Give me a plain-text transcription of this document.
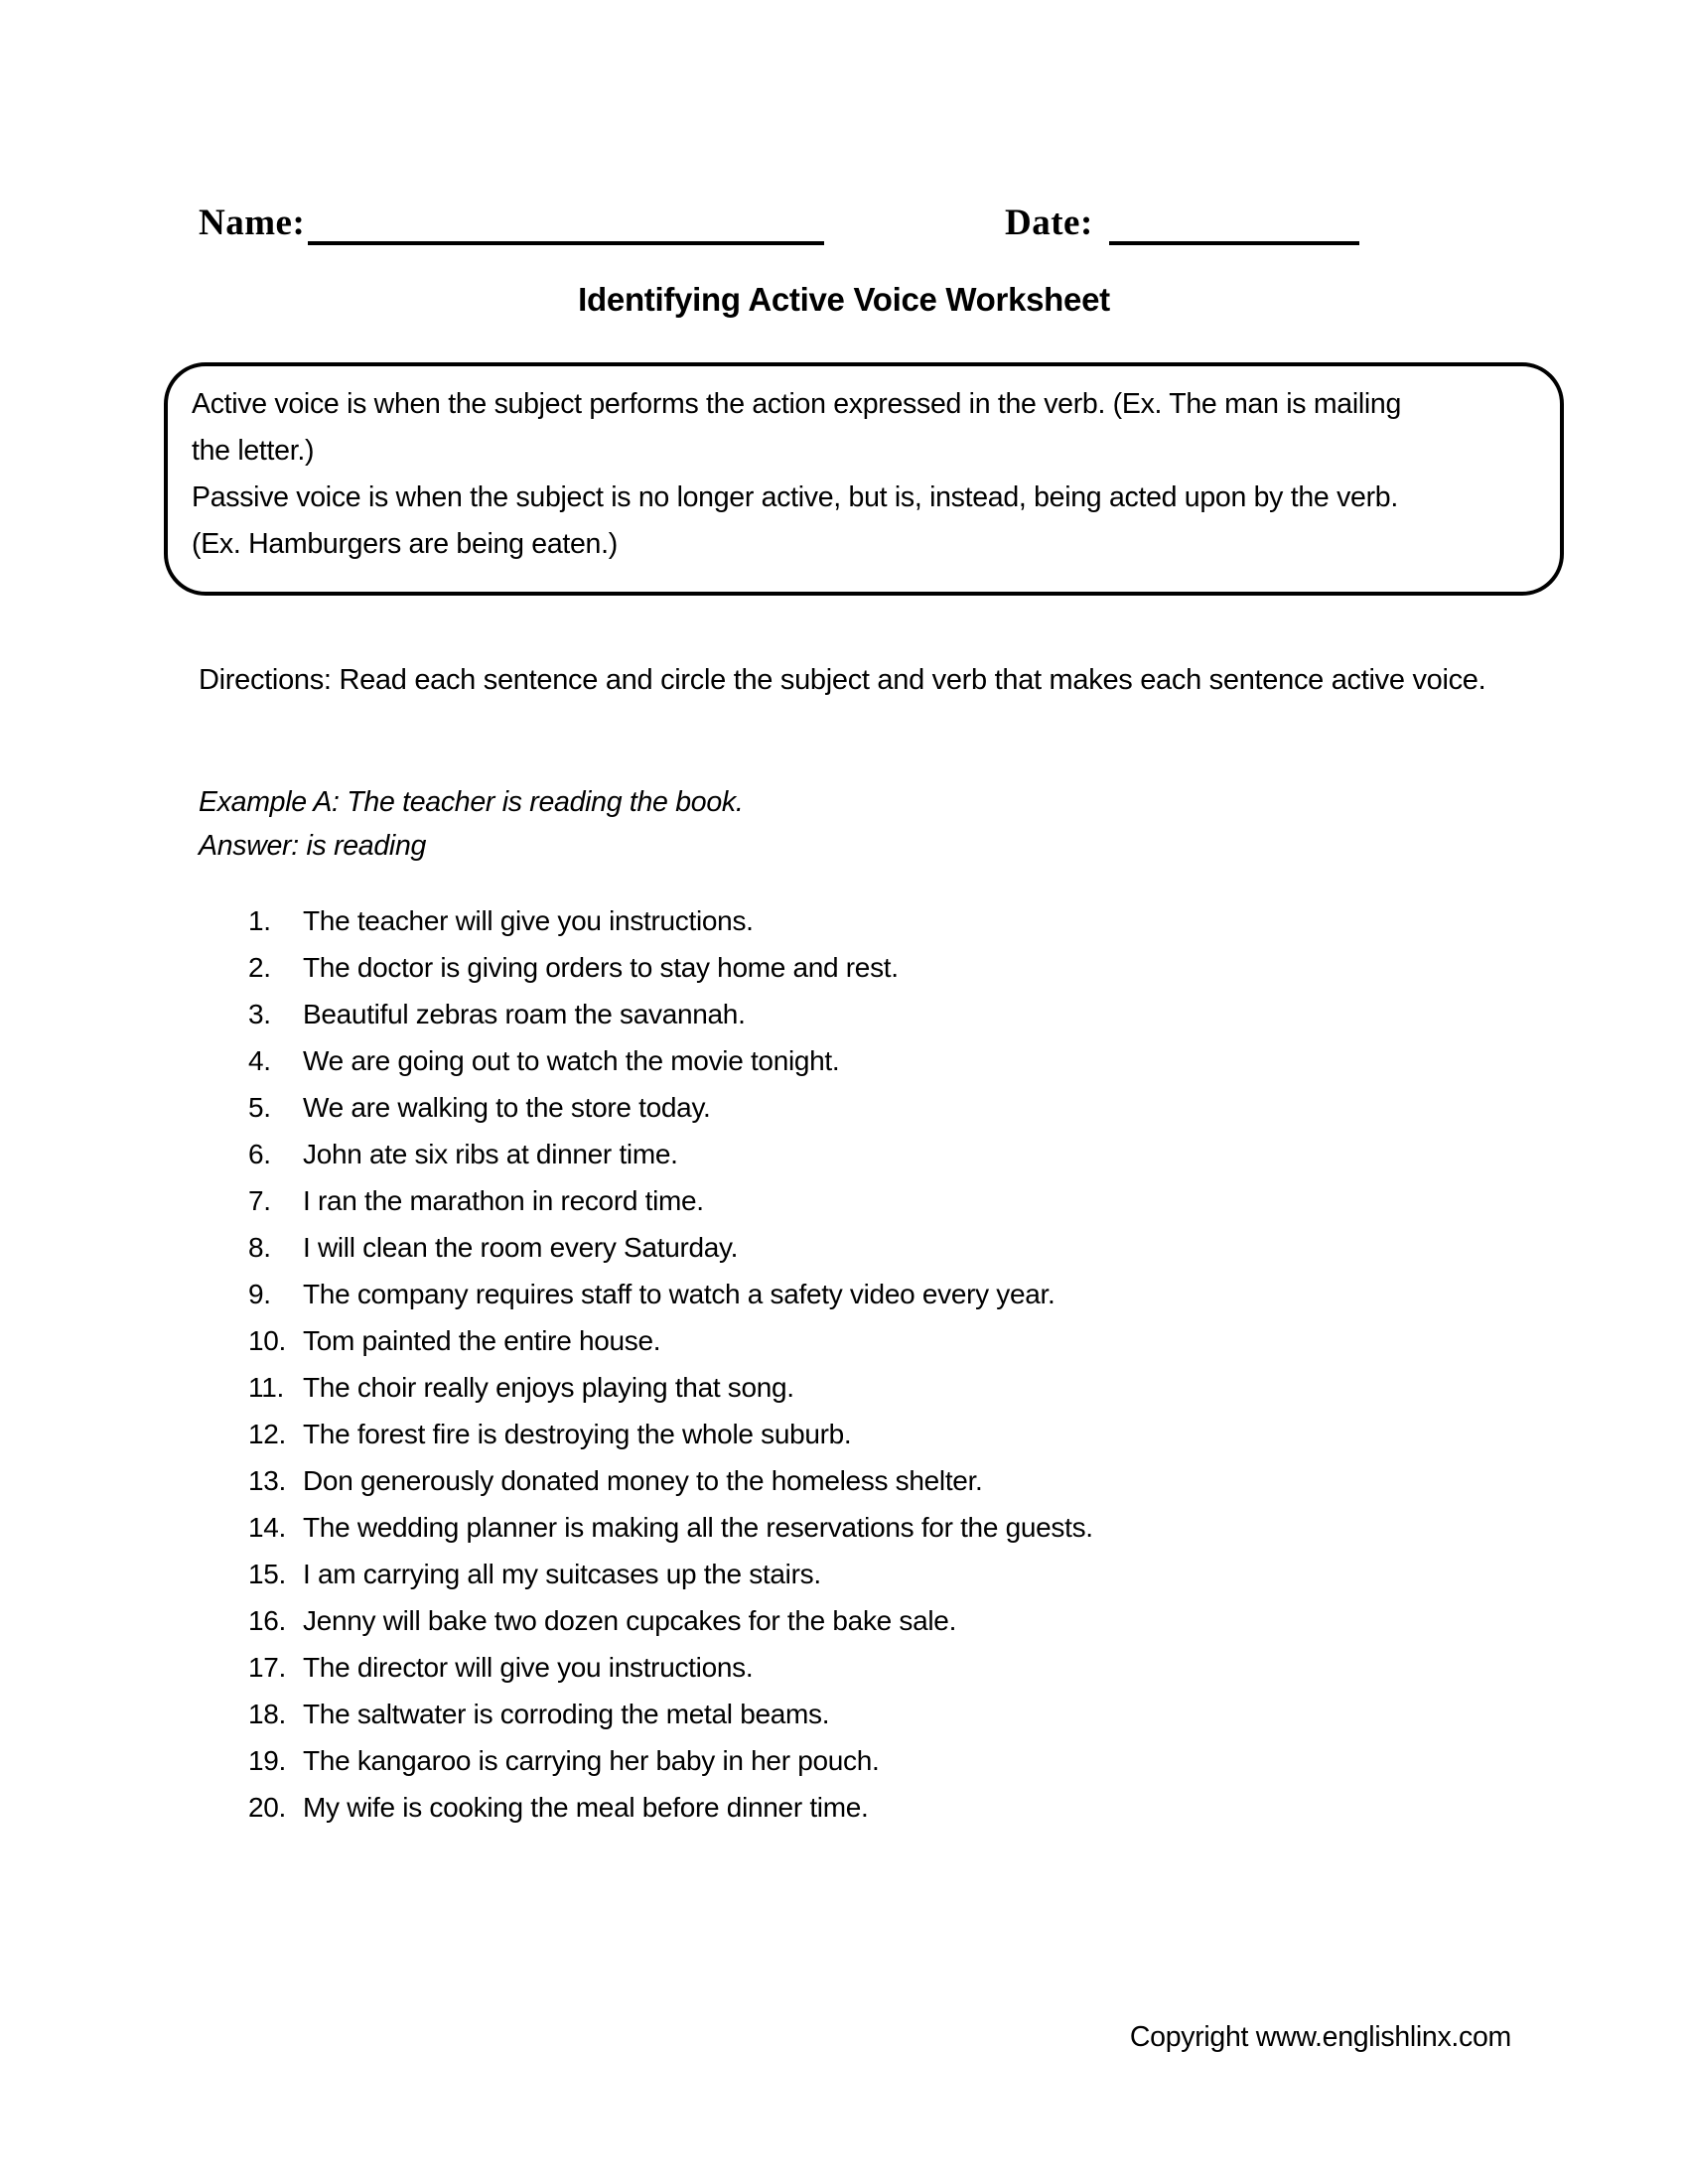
Name:	Date:
Identifying Active Voice Worksheet
Active voice is when the subject performs the action expressed in the verb. (Ex. The man is mailing
the letter.)
Passive voice is when the subject is no longer active, but is, instead, being acted upon by the verb.
(Ex. Hamburgers are being eaten.)

Directions: Read each sentence and circle the subject and verb that makes each sentence active voice.

Example A: The teacher is reading the book.

Answer: is reading

1.	The teacher will give you instructions.
2.	The doctor is giving orders to stay home and rest.
3.	Beautiful zebras roam the savannah.
4.	We are going out to watch the movie tonight.
5.	We are walking to the store today.
6.	John ate six ribs at dinner time.
7.	I ran the marathon in record time.
8.	I will clean the room every Saturday.
9.	The company requires staff to watch a safety video every year.
10. Tom painted the entire house.
11. The choir really enjoys playing that song.
12. The forest fire is destroying the whole suburb.
13. Don generously donated money to the homeless shelter.
14. The wedding planner is making all the reservations for the guests.
15. I am carrying all my suitcases up the stairs.
16. Jenny will bake two dozen cupcakes for the bake sale.
17. The director will give you instructions.
18. The saltwater is corroding the metal beams.
19. The kangaroo is carrying her baby in her pouch.
20. My wife is cooking the meal before dinner time.
Copyright www.englishlinx.com
